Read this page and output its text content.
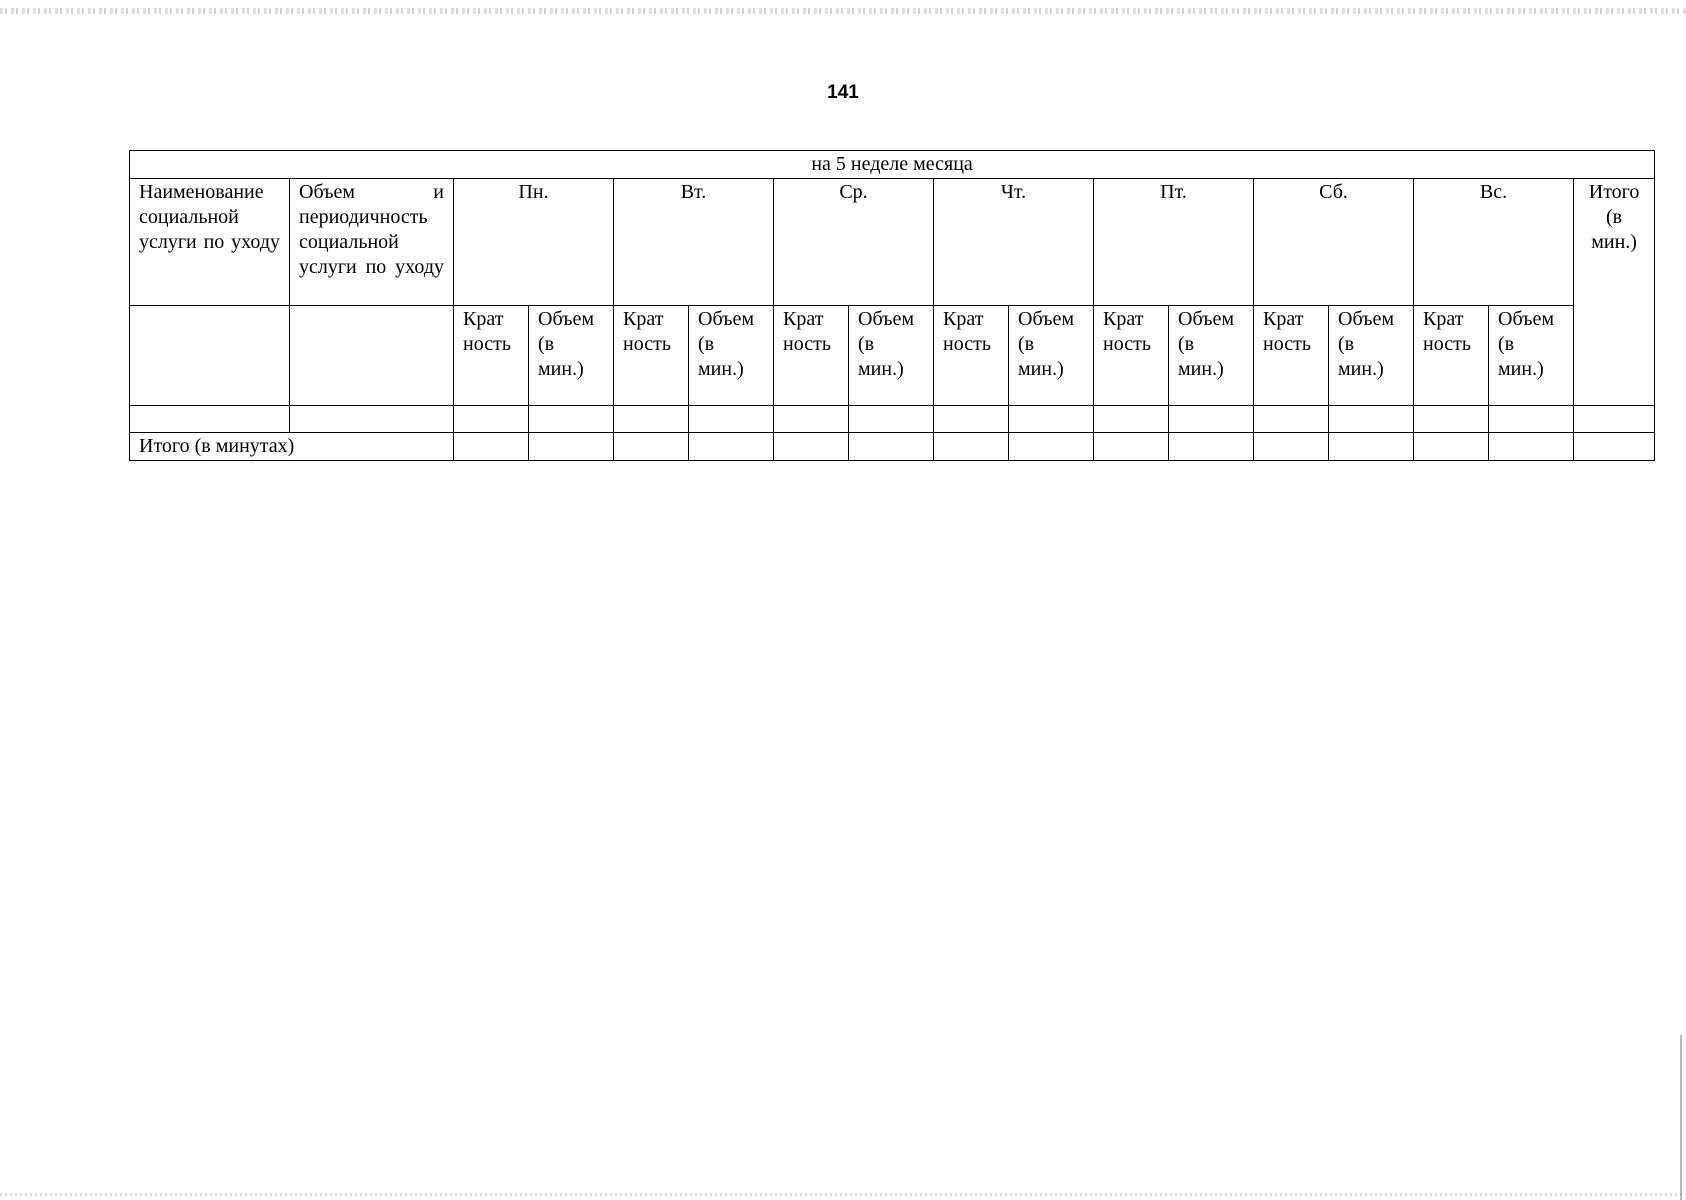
141
на 5 неделе месяца																
Наименование социальной услуги по уходу	Объем и периодичность социальной услуги по уходу	Пн.		Вт.		Ср.		Чт.		Пт.		Сб.		Вс.		Итого (в мин.)
		Крат ность	Объем (в мин.)	Крат ность	Объем (в мин.)	Крат ность	Объем (в мин.)	Крат ность	Объем (в мин.)	Крат ность	Объем (в мин.)	Крат ность	Объем (в мин.)	Крат ность	Объем (в мин.)	

Итого (в минутах)																
